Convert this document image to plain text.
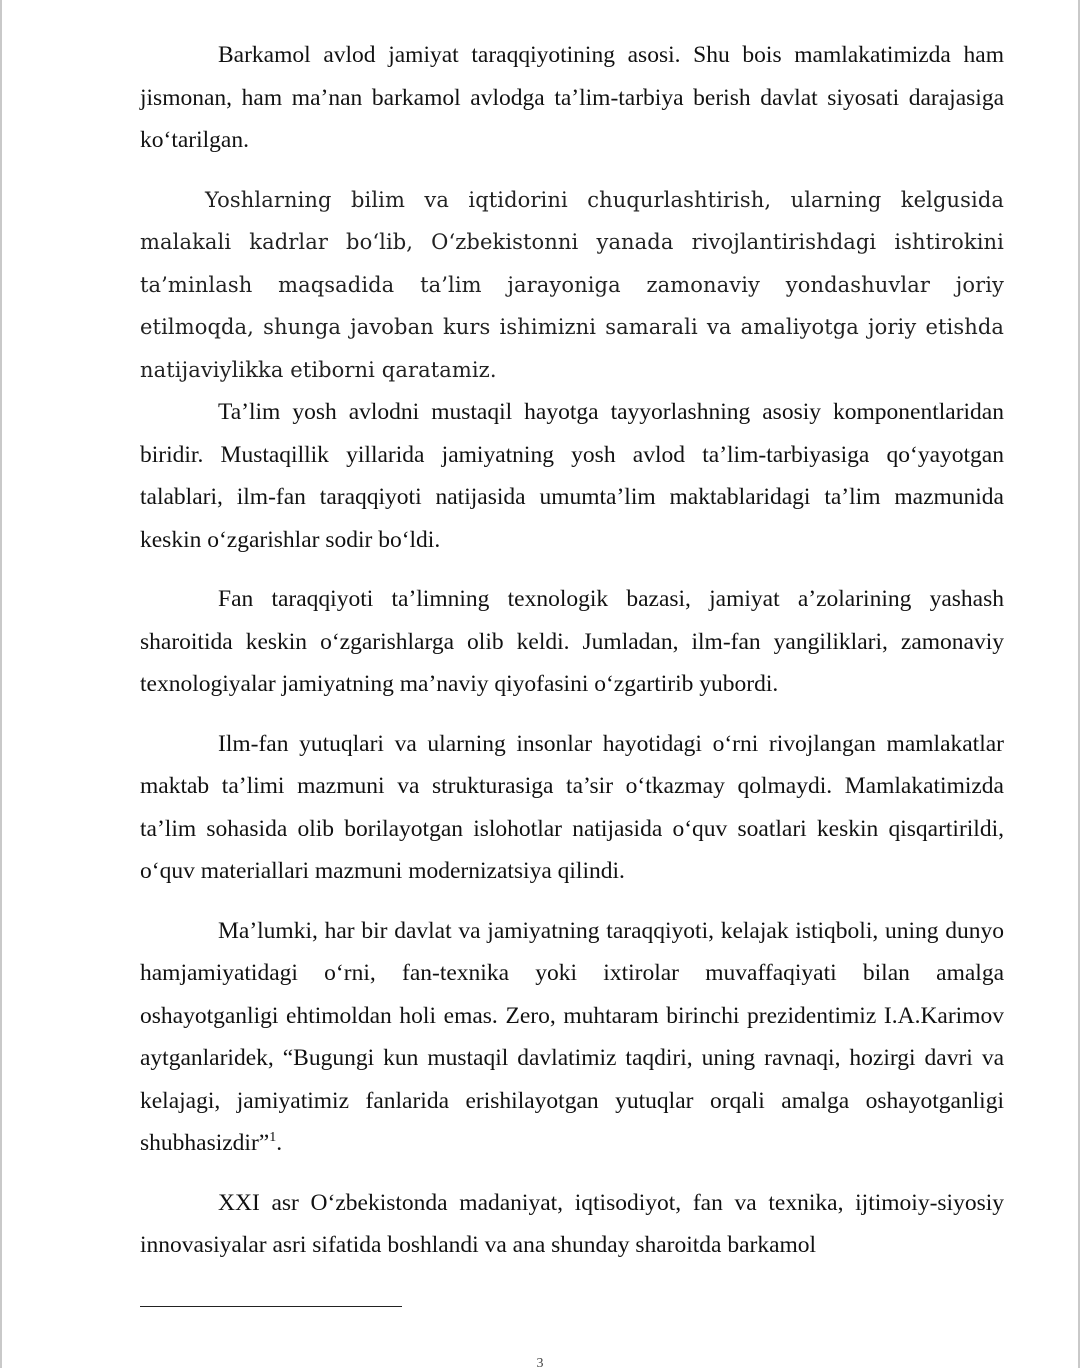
Barkamol avlod jamiyat taraqqiyotining asosi. Shu bois mamlakatimizda ham jismonan, ham ma’nan barkamol avlodga ta’lim-tarbiya berish davlat siyosati darajasiga ko‘tarilgan.

Yoshlarning bilim va iqtidorini chuqurlashtirish, ularning kelgusida malakali kadrlar bo‘lib, O‘zbekistonni yanada rivojlantirishdagi ishtirokini ta’minlash maqsadida ta’lim jarayoniga zamonaviy yondashuvlar joriy etilmoqda, shunga javoban kurs ishimizni samarali va amaliyotga joriy etishda natijaviylikka etiborni qaratamiz.

Ta’lim yosh avlodni mustaqil hayotga tayyorlashning asosiy komponentlaridan biridir. Mustaqillik yillarida jamiyatning yosh avlod ta’lim-tarbiyasiga qo‘yayotgan talablari, ilm-fan taraqqiyoti natijasida umumta’lim maktablaridagi ta’lim mazmunida keskin o‘zgarishlar sodir bo‘ldi.

Fan taraqqiyoti ta’limning texnologik bazasi, jamiyat a’zolarining yashash sharoitida keskin o‘zgarishlarga olib keldi. Jumladan, ilm-fan yangiliklari, zamonaviy texnologiyalar jamiyatning ma’naviy qiyofasini o‘zgartirib yubordi.

Ilm-fan yutuqlari va ularning insonlar hayotidagi o‘rni rivojlangan mamlakatlar maktab ta’limi mazmuni va strukturasiga ta’sir o‘tkazmay qolmaydi. Mamlakatimizda ta’lim sohasida olib borilayotgan islohotlar natijasida o‘quv soatlari keskin qisqartirildi, o‘quv materiallari mazmuni modernizatsiya qilindi.

Ma’lumki, har bir davlat va jamiyatning taraqqiyoti, kelajak istiqboli, uning dunyo hamjamiyatidagi o‘rni, fan-texnika yoki ixtirolar muvaffaqiyati bilan amalga oshayotganligi ehtimoldan holi emas. Zero, muhtaram birinchi prezidentimiz I.A.Karimov aytganlaridek, “Bugungi kun mustaqil davlatimiz taqdiri, uning ravnaqi, hozirgi davri va kelajagi, jamiyatimiz fanlarida erishilayotgan yutuqlar orqali amalga oshayotganligi shubhasizdir”$^1$.

XXI asr O‘zbekistonda madaniyat, iqtisodiyot, fan va texnika, ijtimoiy-siyosiy innovasiyalar asri sifatida boshlandi va ana shunday sharoitda barkamol

3
